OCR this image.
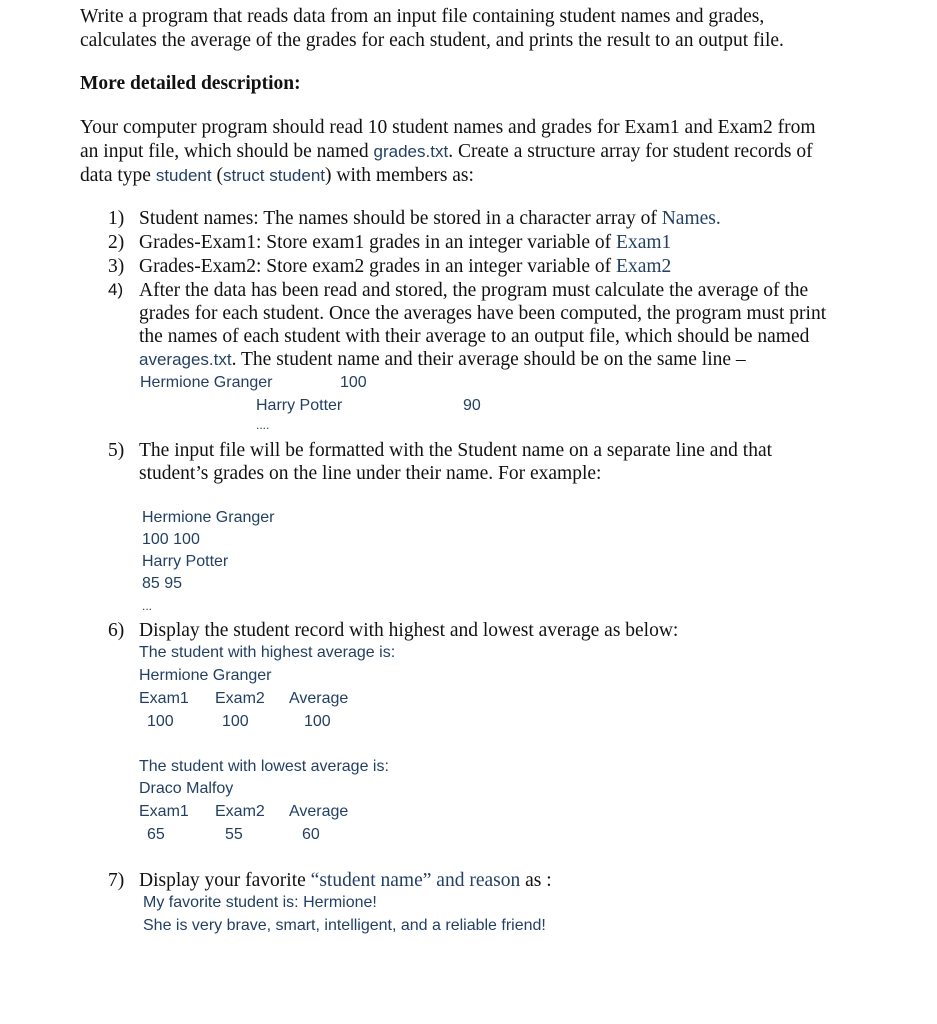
Write a program that reads data from an input file containing student names and grades,
calculates the average of the grades for each student, and prints the result to an output file.
More detailed description:
Your computer program should read 10 student names and grades for Exam1 and Exam2 from
an input file, which should be named grades.txt. Create a structure array for student records of
data type student (struct student) with members as:
1) Student names: The names should be stored in a character array of Names.
2) Grades-Exam1: Store exam1 grades in an integer variable of Exam1
3) Grades-Exam2: Store exam2 grades in an integer variable of Exam2
4) After the data has been read and stored, the program must calculate the average of the
grades for each student. Once the averages have been computed, the program must print
the names of each student with their average to an output file, which should be named
averages.txt. The student name and their average should be on the same line –
Hermione Granger	100
Harry Potter	90
....
5) The input file will be formatted with the Student name on a separate line and that
student’s grades on the line under their name. For example:
Hermione Granger
100 100
Harry Potter
85 95
...
6) Display the student record with highest and lowest average as below:
The student with highest average is:
Hermione Granger
Exam1 Exam2 Average
100	100	100
The student with lowest average is:
Draco Malfoy
Exam1 Exam2 Average
65	55	60
7) Display your favorite “student name” and reason as :
My favorite student is: Hermione!
She is very brave, smart, intelligent, and a reliable friend!
